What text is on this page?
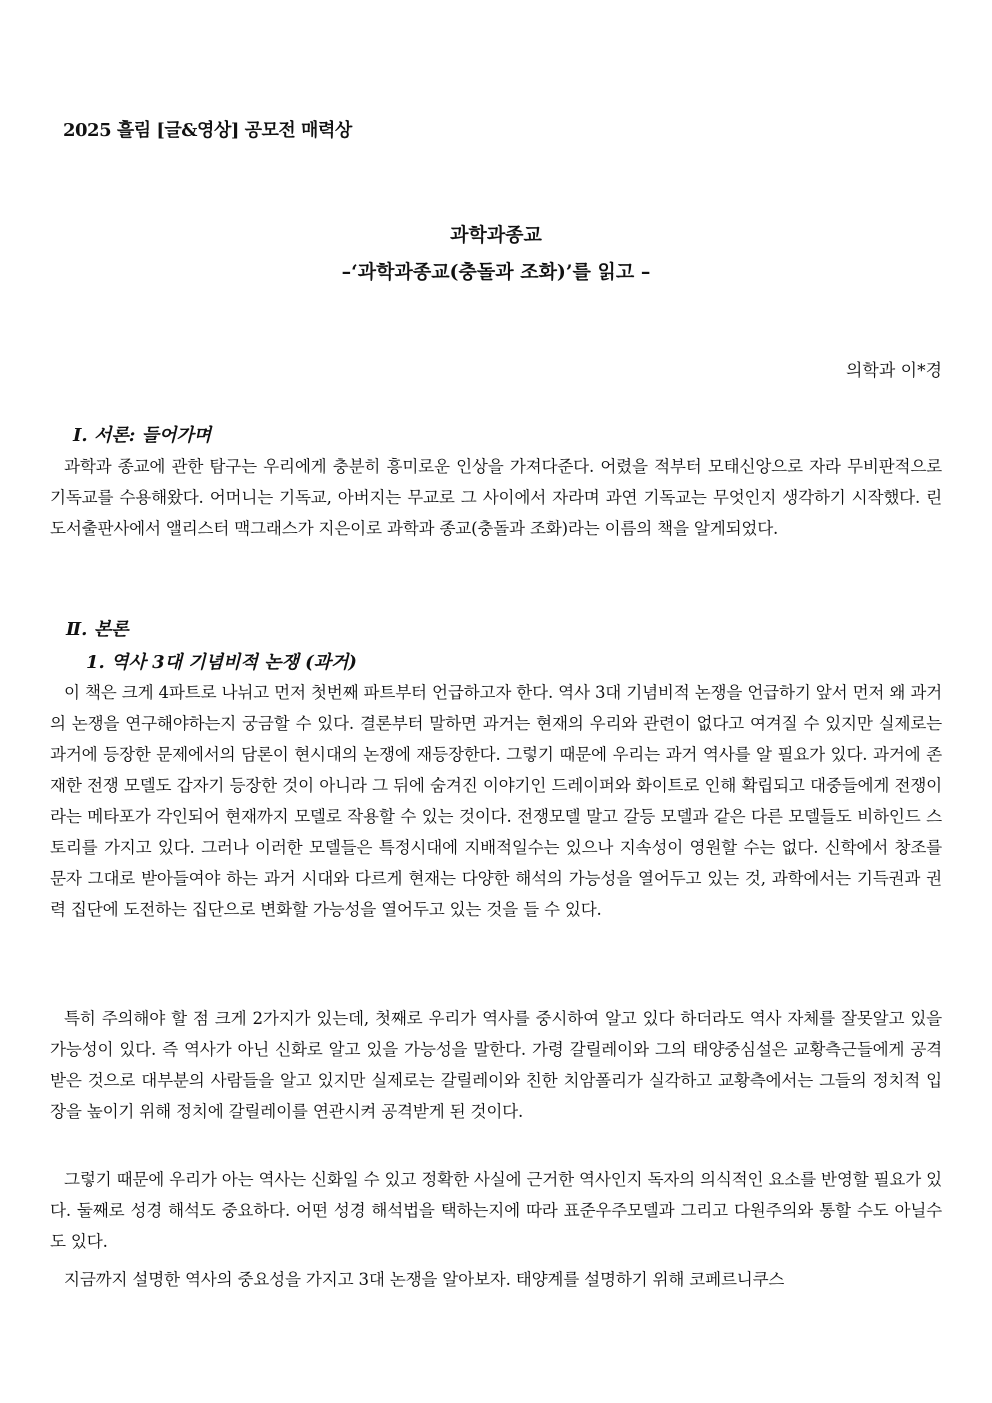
2025 흘림 [글&영상] 공모전 매력상
과학과종교
–‘과학과종교(충돌과 조화)’를 읽고 –
의학과 이*경
I. 서론: 들어가며

과학과 종교에 관한 탐구는 우리에게 충분히 흥미로운 인상을 가져다준다. 어렸을 적부터 모태신앙으로 자라 무비판적으로 기독교를 수용해왔다. 어머니는 기독교, 아버지는 무교로 그 사이에서 자라며 과연 기독교는 무엇인지 생각하기 시작했다. 린 도서출판사에서 앨리스터 맥그래스가 지은이로 과학과 종교(충돌과 조화)라는 이름의 책을 알게되었다.

Ⅱ. 본론
1. 역사 3대 기념비적 논쟁 (과거)

이 책은 크게 4파트로 나뉘고 먼저 첫번째 파트부터 언급하고자 한다. 역사 3대 기념비적 논쟁을 언급하기 앞서 먼저 왜 과거의 논쟁을 연구해야하는지 궁금할 수 있다. 결론부터 말하면 과거는 현재의 우리와 관련이 없다고 여겨질 수 있지만 실제로는 과거에 등장한 문제에서의 담론이 현시대의 논쟁에 재등장한다. 그렇기 때문에 우리는 과거 역사를 알 필요가 있다. 과거에 존재한 전쟁 모델도 갑자기 등장한 것이 아니라 그 뒤에 숨겨진 이야기인 드레이퍼와 화이트로 인해 확립되고 대중들에게 전쟁이라는 메타포가 각인되어 현재까지 모델로 작용할 수 있는 것이다. 전쟁모델 말고 갈등 모델과 같은 다른 모델들도 비하인드 스토리를 가지고 있다. 그러나 이러한 모델들은 특정시대에 지배적일수는 있으나 지속성이 영원할 수는 없다. 신학에서 창조를 문자 그대로 받아들여야 하는 과거 시대와 다르게 현재는 다양한 해석의 가능성을 열어두고 있는 것, 과학에서는 기득권과 권력 집단에 도전하는 집단으로 변화할 가능성을 열어두고 있는 것을 들 수 있다.

특히 주의해야 할 점 크게 2가지가 있는데, 첫째로 우리가 역사를 중시하여 알고 있다 하더라도 역사 자체를 잘못알고 있을 가능성이 있다. 즉 역사가 아닌 신화로 알고 있을 가능성을 말한다. 가령 갈릴레이와 그의 태양중심설은 교황측근들에게 공격받은 것으로 대부분의 사람들을 알고 있지만 실제로는 갈릴레이와 친한 치암폴리가 실각하고 교황측에서는 그들의 정치적 입장을 높이기 위해 정치에 갈릴레이를 연관시켜 공격받게 된 것이다.

그렇기 때문에 우리가 아는 역사는 신화일 수 있고 정확한 사실에 근거한 역사인지 독자의 의식적인 요소를 반영할 필요가 있다. 둘째로 성경 해석도 중요하다. 어떤 성경 해석법을 택하는지에 따라 표준우주모델과 그리고 다원주의와 통할 수도 아닐수도 있다.

지금까지 설명한 역사의 중요성을 가지고 3대 논쟁을 알아보자. 태양계를 설명하기 위해 코페르니쿠스
